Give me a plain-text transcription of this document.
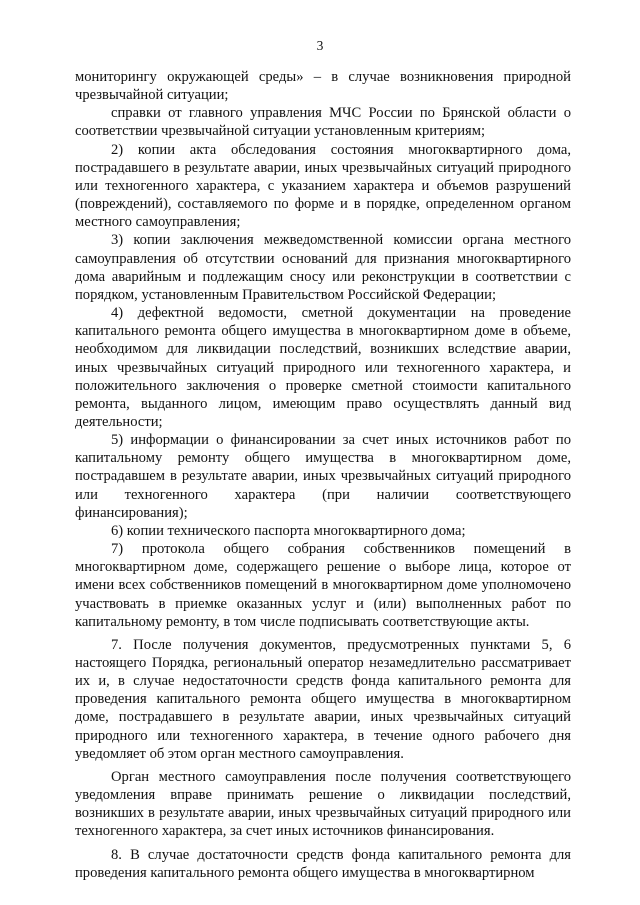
3

мониторингу окружающей среды» – в случае возникновения природной чрезвычайной ситуации;

справки от главного управления МЧС России по Брянской области о соответствии чрезвычайной ситуации установленным критериям;

2) копии акта обследования состояния многоквартирного дома, пострадавшего в результате аварии, иных чрезвычайных ситуаций природного или техногенного характера, с указанием характера и объемов разрушений (повреждений), составляемого по форме и в порядке, определенном органом местного самоуправления;

3) копии заключения межведомственной комиссии органа местного самоуправления об отсутствии оснований для признания многоквартирного дома аварийным и подлежащим сносу или реконструкции в соответствии с порядком, установленным Правительством Российской Федерации;

4) дефектной ведомости, сметной документации на проведение капитального ремонта общего имущества в многоквартирном доме в объеме, необходимом для ликвидации последствий, возникших вследствие аварии, иных чрезвычайных ситуаций природного или техногенного характера, и положительного заключения о проверке сметной стоимости капитального ремонта, выданного лицом, имеющим право осуществлять данный вид деятельности;

5) информации о финансировании за счет иных источников работ по капитальному ремонту общего имущества в многоквартирном доме, пострадавшем в результате аварии, иных чрезвычайных ситуаций природного или техногенного характера (при наличии соответствующего финансирования);

6) копии технического паспорта многоквартирного дома;

7) протокола общего собрания собственников помещений в многоквартирном доме, содержащего решение о выборе лица, которое от имени всех собственников помещений в многоквартирном доме уполномочено участвовать в приемке оказанных услуг и (или) выполненных работ по капитальному ремонту, в том числе подписывать соответствующие акты.

7. После получения документов, предусмотренных пунктами 5, 6 настоящего Порядка, региональный оператор незамедлительно рассматривает их и, в случае недостаточности средств фонда капитального ремонта для проведения капитального ремонта общего имущества в многоквартирном доме, пострадавшего в результате аварии, иных чрезвычайных ситуаций природного или техногенного характера, в течение одного рабочего дня уведомляет об этом орган местного самоуправления.

Орган местного самоуправления после получения соответствующего уведомления вправе принимать решение о ликвидации последствий, возникших в результате аварии, иных чрезвычайных ситуаций природного или техногенного характера, за счет иных источников финансирования.

8. В случае достаточности средств фонда капитального ремонта для проведения капитального ремонта общего имущества в многоквартирном
